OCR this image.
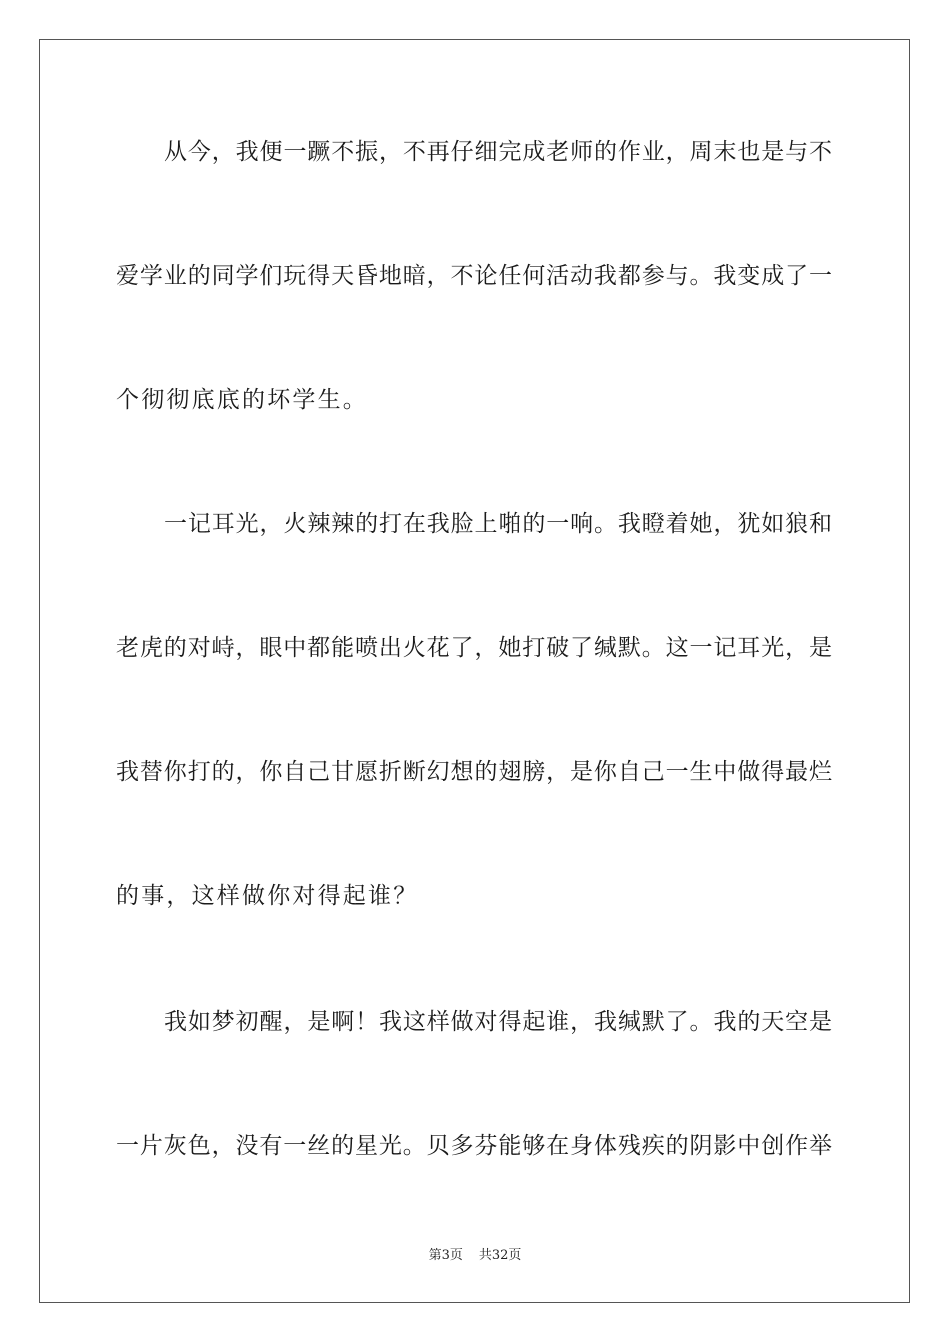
从今，我便一蹶不振，不再仔细完成老师的作业，周末也是与不
爱学业的同学们玩得天昏地暗，不论任何活动我都参与。我变成了一
个彻彻底底的坏学生。
一记耳光，火辣辣的打在我脸上啪的一响。我瞪着她，犹如狼和
老虎的对峙，眼中都能喷出火花了，她打破了缄默。这一记耳光，是
我替你打的，你自己甘愿折断幻想的翅膀，是你自己一生中做得最烂
的事，这样做你对得起谁？
我如梦初醒，是啊！我这样做对得起谁，我缄默了。我的天空是
一片灰色，没有一丝的星光。贝多芬能够在身体残疾的阴影中创作举
第3页 共32页
